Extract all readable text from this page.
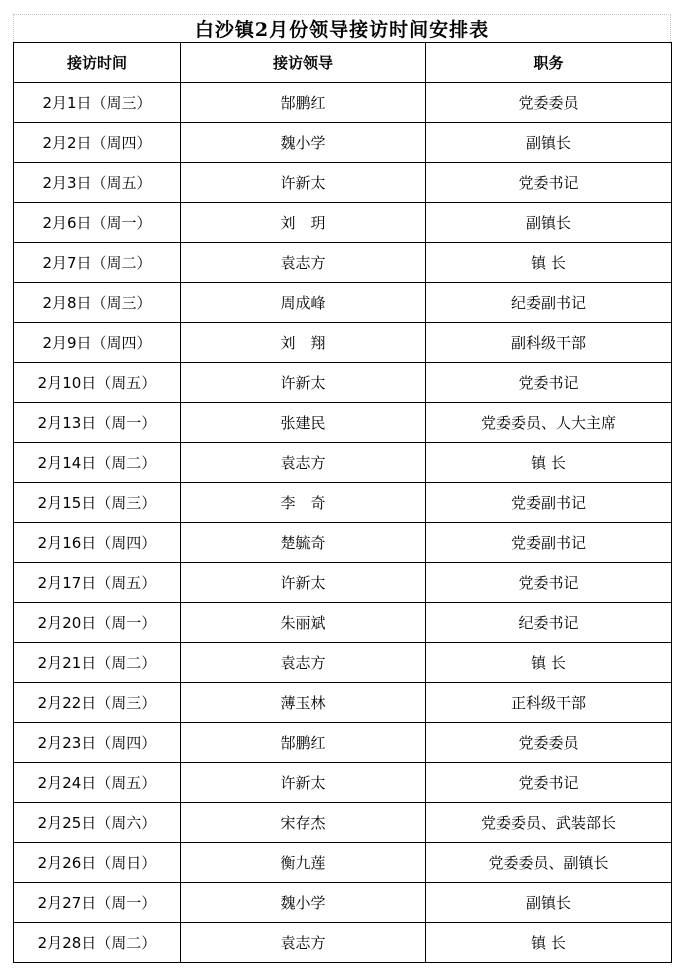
白沙镇2月份领导接访时间安排表
接访时间	接访领导	职务
2月1日（周三）	郜鹏红	党委委员
2月2日（周四）	魏小学	副镇长
2月3日（周五）	许新太	党委书记
2月6日（周一）	刘　玥	副镇长
2月7日（周二）	袁志方	镇 长
2月8日（周三）	周成峰	纪委副书记
2月9日（周四）	刘　翔	副科级干部
2月10日（周五）	许新太	党委书记
2月13日（周一）	张建民	党委委员、人大主席
2月14日（周二）	袁志方	镇 长
2月15日（周三）	李　奇	党委副书记
2月16日（周四）	楚毓奇	党委副书记
2月17日（周五）	许新太	党委书记
2月20日（周一）	朱丽斌	纪委书记
2月21日（周二）	袁志方	镇 长
2月22日（周三）	薄玉林	正科级干部
2月23日（周四）	郜鹏红	党委委员
2月24日（周五）	许新太	党委书记
2月25日（周六）	宋存杰	党委委员、武装部长
2月26日（周日）	衡九莲	党委委员、副镇长
2月27日（周一）	魏小学	副镇长
2月28日（周二）	袁志方	镇 长
